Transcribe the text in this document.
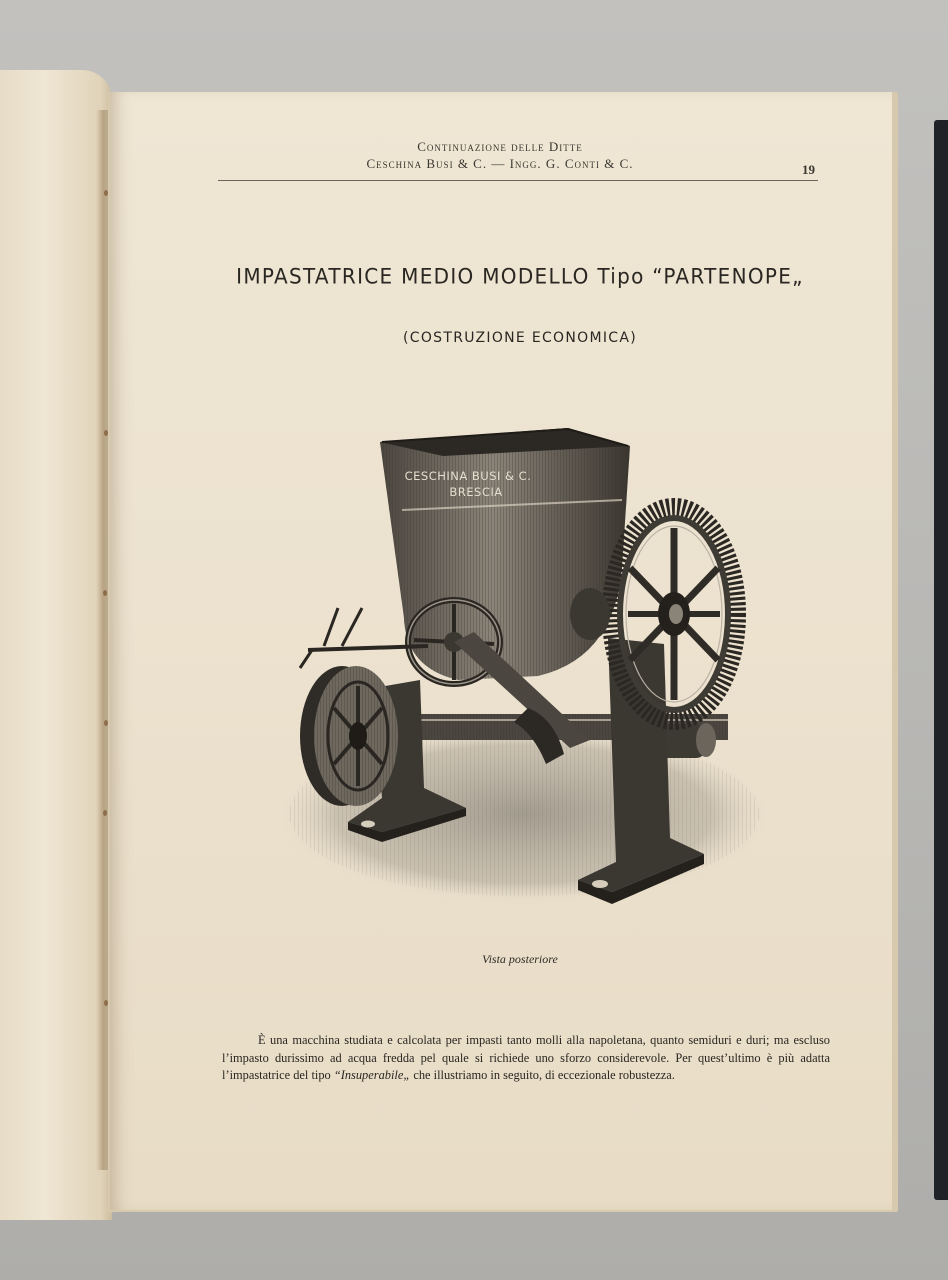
Continuazione delle Ditte
Ceschina Busi & C. — Ingg. G. Conti & C.	19
IMPASTATRICE MEDIO MODELLO Tipo “PARTENOPE„
(COSTRUZIONE ECONOMICA)
CESCHINA BUSI & C.
BRESCIA
Vista posteriore

È una macchina studiata e calcolata per impasti tanto molli alla napoletana, quanto semiduri e duri; ma escluso l’impasto durissimo ad acqua fredda pel quale si richiede uno sforzo considerevole. Per quest’ultimo è più adatta l’impastatrice del tipo “Insuperabile„ che illustriamo in seguito, di eccezionale robustezza.
